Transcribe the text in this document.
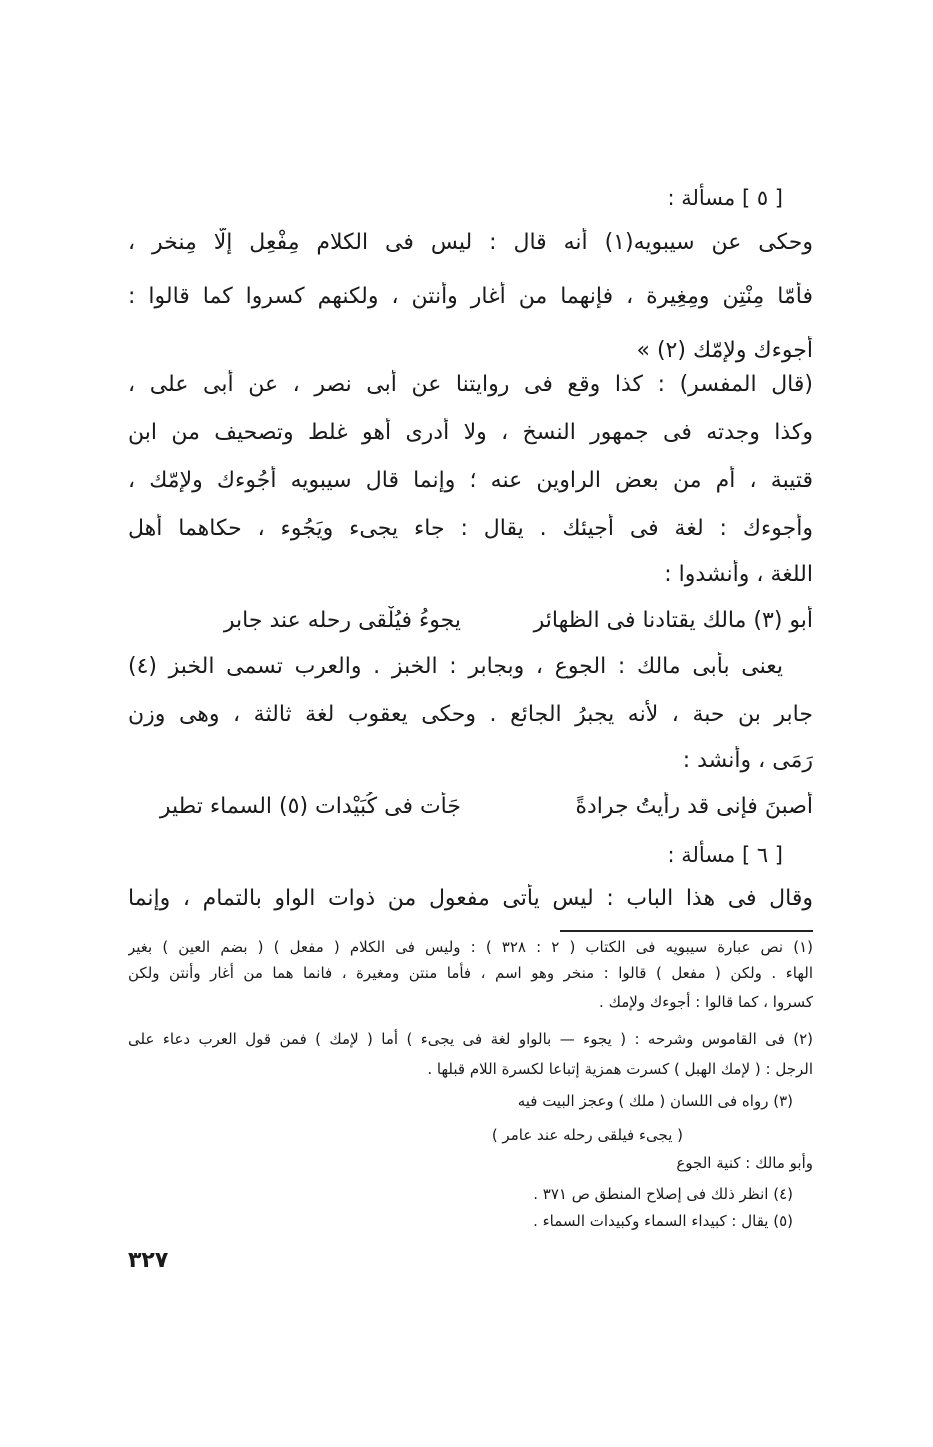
[ ٥ ] مسألة :
وحكى عن سيبويه(١) أنه قال : ليس فى الكلام مِفْعِل إلّا مِنخر ،
فأمّا مِنْتِن ومِغِيرة ، فإنهما من أغار وأنتن ، ولكنهم كسروا كما قالوا :
أجوءك ولإمّك (٢) »
(قال المفسر) : كذا وقع فى روايتنا عن أبى نصر ، عن أبى على ،
وكذا وجدته فى جمهور النسخ ، ولا أدرى أهو غلط وتصحيف من ابن
قتيبة ، أم من بعض الراوين عنه ؛ وإنما قال سيبويه أجُوءك ولإمّك ،
وأجوءك : لغة فى أجيئك . يقال : جاء يجىء ويَجُوء ، حكاهما أهل
اللغة ، وأنشدوا :
أبو (٣) مالك يقتادنا فى الظهائر يجوءُ فيُلْقى رحله عند جابر
يعنى بأبى مالك : الجوع ، وبجابر : الخبز . والعرب تسمى الخبز (٤)
جابر بن حبة ، لأنه يجبرُ الجائع . وحكى يعقوب لغة ثالثة ، وهى وزن
رَمَى ، وأنشد :
أصبنَ فإنى قد رأيتُ جرادةً جَأَت فى كُبَيْدات (٥) السماء تطير
[ ٦ ] مسألة :
وقال فى هذا الباب : ليس يأتى مفعول من ذوات الواو بالتمام ، وإنما
(١) نص عبارة سيبويه فى الكتاب ( ٢ : ٣٢٨ ) : وليس فى الكلام ( مفعل ) ( بضم العين ) بغير
الهاء . ولكن ( مفعل ) قالوا : منخر وهو اسم ، فأما منتن ومغيرة ، فانما هما من أغار وأنتن ولكن
كسروا ، كما قالوا : أجوءك ولإمك .
(٢) فى القاموس وشرحه : ( يجوء — بالواو لغة فى يجىء ) أما ( لإمك ) فمن قول العرب دعاء على
الرجل : ( لإمك الهبل ) كسرت همزية إتباعا لكسرة اللام قبلها .
(٣) رواه فى اللسان ( ملك ) وعجز البيت فيه
( يجىء فيلقى رحله عند عامر )
وأبو مالك : كنية الجوع
(٤) انظر ذلك فى إصلاح المنطق ص ٣٧١ .
(٥) يقال : كبيداء السماء وكبيدات السماء .
٣٢٧
